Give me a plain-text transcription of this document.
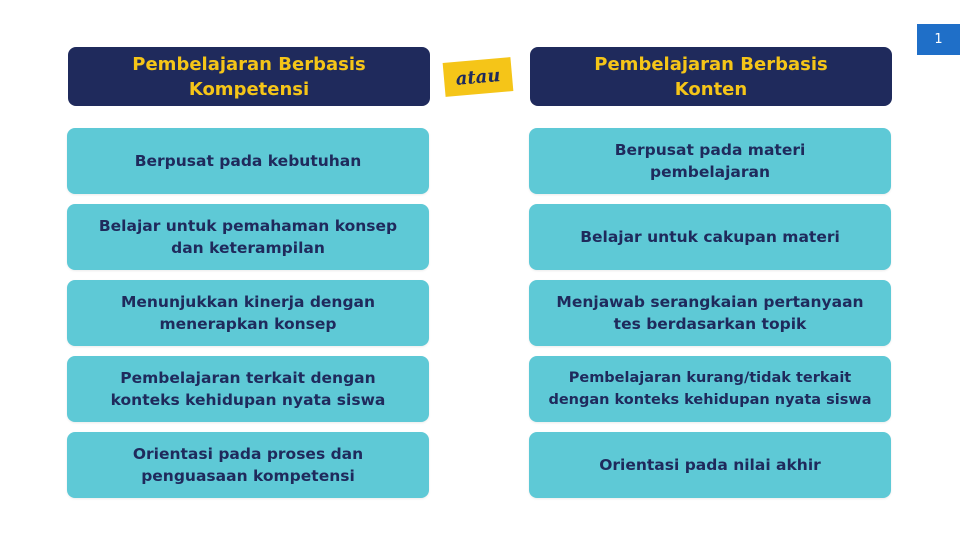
1
Pembelajaran Berbasis
Kompetensi	atau
Pembelajaran Berbasis
Konten
Berpusat pada kebutuhan
Belajar untuk pemahaman konsep
dan keterampilan
Menunjukkan kinerja dengan
menerapkan konsep
Pembelajaran terkait dengan
konteks kehidupan nyata siswa
Orientasi pada proses dan
penguasaan kompetensi
Berpusat pada materi
pembelajaran
Belajar untuk cakupan materi
Menjawab serangkaian pertanyaan
tes berdasarkan topik
Pembelajaran kurang/tidak terkait
dengan konteks kehidupan nyata siswa
Orientasi pada nilai akhir
